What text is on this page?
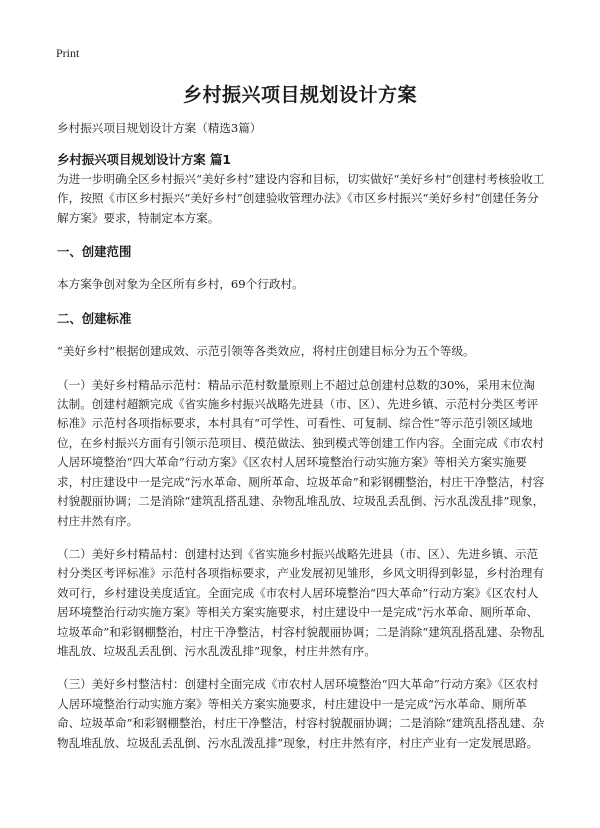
Print
乡村振兴项目规划设计方案

乡村振兴项目规划设计方案（精选3篇）

乡村振兴项目规划设计方案 篇1

为进一步明确全区乡村振兴“美好乡村”建设内容和目标，切实做好“美好乡村”创建村考核验收工作，按照《市区乡村振兴“美好乡村”创建验收管理办法》《市区乡村振兴“美好乡村”创建任务分解方案》要求，特制定本方案。

一、创建范围

本方案争创对象为全区所有乡村，69个行政村。

二、创建标准

“美好乡村”根据创建成效、示范引领等各类效应，将村庄创建目标分为五个等级。

（一）美好乡村精品示范村：精品示范村数量原则上不超过总创建村总数的30%，采用末位淘汰制。创建村超额完成《省实施乡村振兴战略先进县（市、区）、先进乡镇、示范村分类区考评标准》示范村各项指标要求，本村具有“可学性、可看性、可复制、综合性”等示范引领区域地位，在乡村振兴方面有引领示范项目、模范做法、独到模式等创建工作内容。全面完成《市农村人居环境整治“四大革命”行动方案》《区农村人居环境整治行动实施方案》等相关方案实施要求，村庄建设中一是完成“污水革命、厕所革命、垃圾革命”和彩钢棚整治，村庄干净整洁，村容村貌靓丽协调；二是消除“建筑乱搭乱建、杂物乱堆乱放、垃圾乱丢乱倒、污水乱泼乱排”现象，村庄井然有序。

（二）美好乡村精品村：创建村达到《省实施乡村振兴战略先进县（市、区）、先进乡镇、示范村分类区考评标准》示范村各项指标要求，产业发展初见雏形，乡风文明得到彰显，乡村治理有效可行，乡村建设美度适宜。全面完成《市农村人居环境整治“四大革命”行动方案》《区农村人居环境整治行动实施方案》等相关方案实施要求，村庄建设中一是完成“污水革命、厕所革命、垃圾革命”和彩钢棚整治，村庄干净整洁，村容村貌靓丽协调；二是消除“建筑乱搭乱建、杂物乱堆乱放、垃圾乱丢乱倒、污水乱泼乱排”现象，村庄井然有序。

（三）美好乡村整洁村：创建村全面完成《市农村人居环境整治“四大革命”行动方案》《区农村人居环境整治行动实施方案》等相关方案实施要求，村庄建设中一是完成“污水革命、厕所革命、垃圾革命”和彩钢棚整治，村庄干净整洁，村容村貌靓丽协调；二是消除“建筑乱搭乱建、杂物乱堆乱放、垃圾乱丢乱倒、污水乱泼乱排”现象，村庄井然有序，村庄产业有一定发展思路。
